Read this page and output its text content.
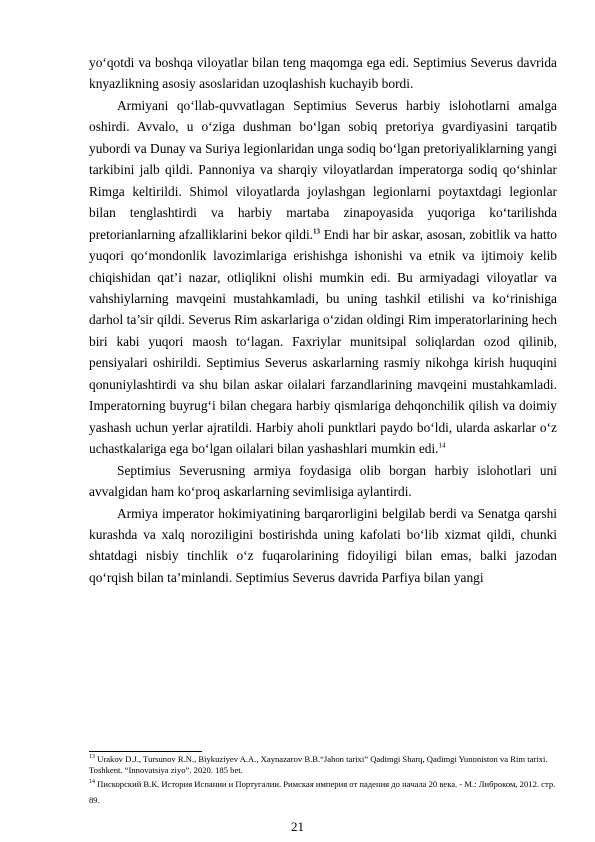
yo‘qotdi va boshqa viloyatlar bilan teng maqomga ega edi. Septimius Severus davrida knyazlikning asosiy asoslaridan uzoqlashish kuchayib bordi.

Armiyani qo‘llab-quvvatlagan Septimius Severus harbiy islohotlarni amalga oshirdi. Avvalo, u o‘ziga dushman bo‘lgan sobiq pretoriya gvardiyasini tarqatib yubordi va Dunay va Suriya legionlaridan unga sodiq bo‘lgan pretoriyaliklarning yangi tarkibini jalb qildi. Pannoniya va sharqiy viloyatlardan imperatorga sodiq qo‘shinlar Rimga keltirildi. Shimol viloyatlarda joylashgan legionlarni poytaxtdagi legionlar bilan tenglashtirdi va harbiy martaba zinapoyasida yuqoriga ko‘tarilishda pretorianlarning afzalliklarini bekor qildi.$^{13}$ Endi har bir askar, asosan, zobitlik va hatto yuqori qo‘mondonlik lavozimlariga erishishga ishonishi va etnik va ijtimoiy kelib chiqishidan qat’i nazar, otliqlikni olishi mumkin edi. Bu armiyadagi viloyatlar va vahshiylarning mavqeini mustahkamladi, bu uning tashkil etilishi va ko‘rinishiga darhol ta’sir qildi. Severus Rim askarlariga o‘zidan oldingi Rim imperatorlarining hech biri kabi yuqori maosh to‘lagan. Faxriylar munitsipal soliqlardan ozod qilinib, pensiyalari oshirildi. Septimius Severus askarlarning rasmiy nikohga kirish huquqini qonuniylashtirdi va shu bilan askar oilalari farzandlarining mavqeini mustahkamladi. Imperatorning buyrug‘i bilan chegara harbiy qismlariga dehqonchilik qilish va doimiy yashash uchun yerlar ajratildi. Harbiy aholi punktlari paydo bo‘ldi, ularda askarlar o‘z uchastkalariga ega bo‘lgan oilalari bilan yashashlari mumkin edi.$^{14}$

Septimius Severusning armiya foydasiga olib borgan harbiy islohotlari uni avvalgidan ham ko‘proq askarlarning sevimlisiga aylantirdi.

Armiya imperator hokimiyatining barqarorligini belgilab berdi va Senatga qarshi kurashda va xalq noroziligini bostirishda uning kafolati bo‘lib xizmat qildi, chunki shtatdagi nisbiy tinchlik o‘z fuqarolarining fidoyiligi bilan emas, balki jazodan qo‘rqish bilan ta’minlandi. Septimius Severus davrida Parfiya bilan yangi

$^{13}$ Urakov D.J., Tursunov R.N., Biykuziyev A.A., Xaynazarov B.B.“Jahon tarixi” Qadimgi Sharq, Qadimgi Yunoniston va Rim tarixi. Toshkent. “Innovatsiya ziyo”. 2020. 185 bet.

$^{14}$ Пискорский В.К. История Испании и Португалии. Римская империя от падения до начала 20 века. - М.: Либроком, 2012. стр. 89.

21
